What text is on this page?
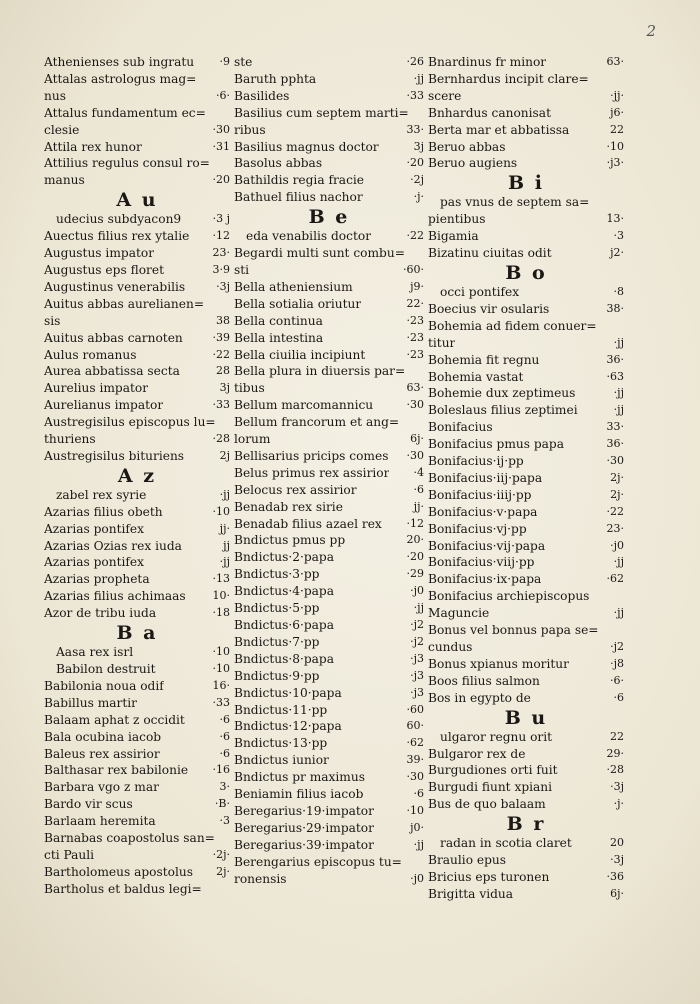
2
Athenienses sub ingratu ·9
Attalas astrologus mag=
nus	·6·
Attalus fundamentum ec=
clesie	·30
Attila rex hunor	·31
Attilius regulus consul ro=
manus	·20
A u
udecius subdyacon9	·3 j
Auectus filius rex ytalie ·12
Augustus impator	23·
Augustus eps floret	3·9
Augustinus venerabilis	·3j
Auitus abbas aurelianen=
sis	38
Auitus abbas carnoten	·39
Aulus romanus	·22
Aurea abbatissa secta	28
Aurelius impator	3j
Aurelianus impator	·33
Austregisilus episcopus lu=
thuriens	·28
Austregisilus bituriens	2j
A z
zabel rex syrie	·jj
Azarias filius obeth	·10
Azarias pontifex	jj·
Azarias Ozias rex iuda	jj
Azarias pontifex	·jj
Azarias propheta	·13
Azarias filius achimaas 10·
Azor de tribu iuda	·18
B a
Aasa rex isrl	·10
Babilon destruit	·10
Babilonia noua odif	16·
Babillus martir	·33
Balaam aphat z occidit	·6
Bala ocubina iacob	·6
Baleus rex assirior	·6
Balthasar rex babilonie ·16
Barbara vgo z mar	3·
Bardo vir scus	·B·
Barlaam heremita	·3
Barnabas coapostolus san=
cti Pauli	·2j·
Bartholomeus apostolus 2j·
Bartholus et baldus legi=
ste	·26
Baruth pphta	·jj
Basilides	·33
Basilius cum septem marti=
ribus	33·
Basilius magnus doctor	3j
Basolus abbas	·20
Bathildis regia fracie	·2j
Bathuel filius nachor	·j·
B e
eda venabilis doctor	·22
Begardi multi sunt combu=
sti	·60·
Bella atheniensium	j9·
Bella sotialia oriutur	22·
Bella continua	·23
Bella intestina	·23
Bella ciuilia incipiunt	·23
Bella plura in diuersis par=
tibus	63·
Bellum marcomannicu	·30
Bellum francorum et ang=
lorum	6j·
Bellisarius pricips comes ·30
Belus primus rex assirior ·4
Belocus rex assirior	·6
Benadab rex sirie	jj·
Benadab filius azael rex ·12
Bndictus pmus pp	20·
Bndictus·2·papa	·20
Bndictus·3·pp	·29
Bndictus·4·papa	·j0
Bndictus·5·pp	·jj
Bndictus·6·papa	·j2
Bndictus·7·pp	·j2
Bndictus·8·papa	·j3
Bndictus·9·pp	·j3
Bndictus·10·papa	·j3
Bndictus·11·pp	·60
Bndictus·12·papa	60·
Bndictus·13·pp	·62
Bndictus iunior	39·
Bndictus pr maximus	·30
Beniamin filius iacob	·6
Beregarius·19·impator	·10
Beregarius·29·impator	j0·
Beregarius·39·impator	·jj
Berengarius episcopus tu=
ronensis	·j0
Bnardinus fr minor	63·
Bernhardus incipit clare=
scere	·jj·
Bnhardus canonisat	j6·
Berta mar et abbatissa	22
Beruo abbas	·10
Beruo augiens	·j3·
B i
pas vnus de septem sa=
pientibus	13·
Bigamia	·3
Bizatinu ciuitas odit	j2·
B o
occi pontifex	·8
Boecius vir osularis	38·
Bohemia ad fidem conuer=
titur	·jj
Bohemia fit regnu	36·
Bohemia vastat	·63
Bohemie dux zeptimeus	·jj
Boleslaus filius zeptimei	·jj
Bonifacius	33·
Bonifacius pmus papa	36·
Bonifacius·ij·pp	·30
Bonifacius·iij·papa	2j·
Bonifacius·iiij·pp	2j·
Bonifacius·v·papa	·22
Bonifacius·vj·pp	23·
Bonifacius·vij·papa	·j0
Bonifacius·viij·pp	·jj
Bonifacius·ix·papa	·62
Bonifacius archiepiscopus
Maguncie	·jj
Bonus vel bonnus papa se=
cundus	·j2
Bonus xpianus moritur	·j8
Boos filius salmon	·6·
Bos in egypto de	·6
B u
ulgaror regnu orit	22
Bulgaror rex de	29·
Burgudiones orti fuit	·28
Burgudi fiunt xpiani	·3j
Bus de quo balaam	·j·
B r
radan in scotia claret	20
Braulio epus	·3j
Bricius eps turonen	·36
Brigitta vidua	6j·
